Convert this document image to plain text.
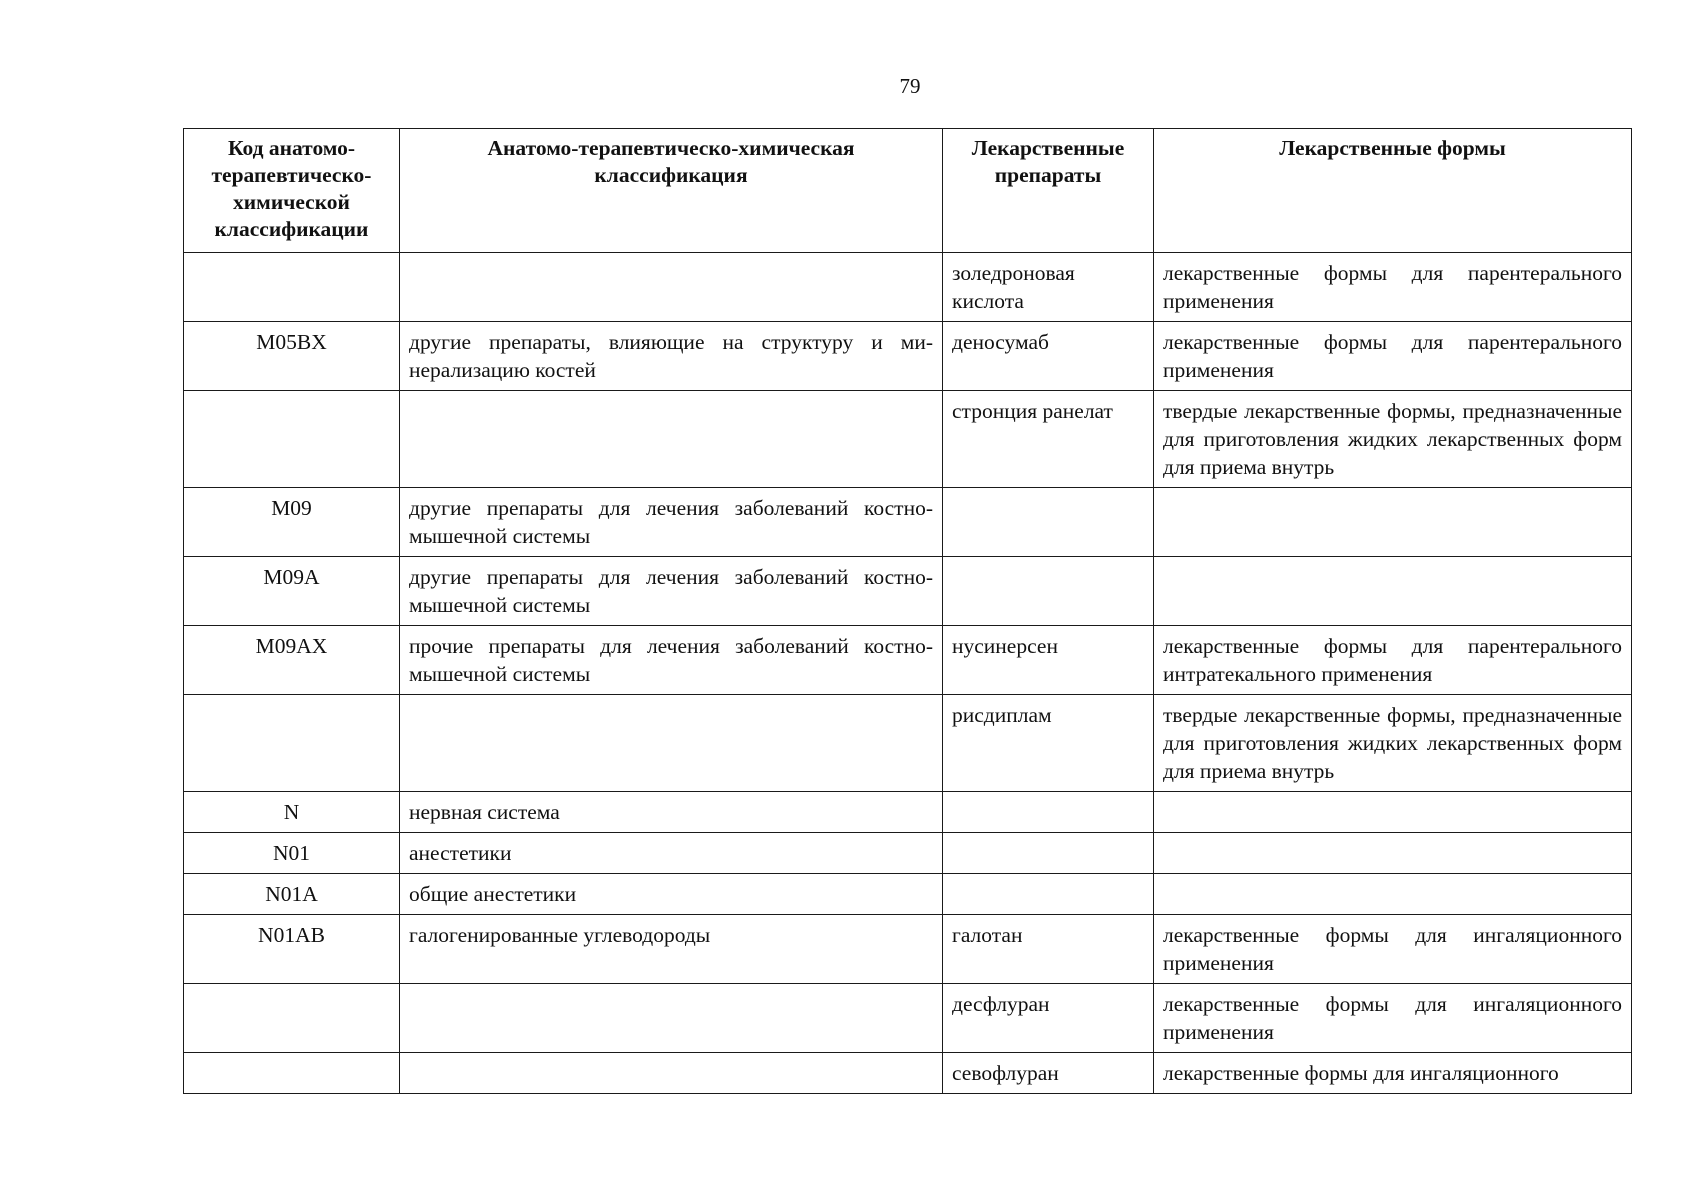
79
Код анатомо-терапевтическо-химической классификации	Анатомо-терапевтическо-химическая классификация	Лекарственные препараты	Лекарственные формы
		золедроновая кислота	лекарственные формы для парентерального применения
M05BX	другие препараты, влияющие на структуру и минерализацию костей	деносумаб	лекарственные формы для парентерального применения
		стронция ранелат	твердые лекарственные формы, предназначенные для приготовления жидких лекарственных форм для приема внутрь
M09	другие препараты для лечения заболеваний костно-мышечной системы		
M09A	другие препараты для лечения заболеваний костно-мышечной системы		
M09AX	прочие препараты для лечения заболеваний костно-мышечной системы	нусинерсен	лекарственные формы для парентерального интратекального применения
		рисдиплам	твердые лекарственные формы, предназначенные для приготовления жидких лекарственных форм для приема внутрь
N	нервная система		
N01	анестетики		
N01A	общие анестетики		
N01AB	галогенированные углеводороды	галотан	лекарственные формы для ингаляционного применения
		десфлуран	лекарственные формы для ингаляционного применения
		севофлуран	лекарственные формы для ингаляционного
